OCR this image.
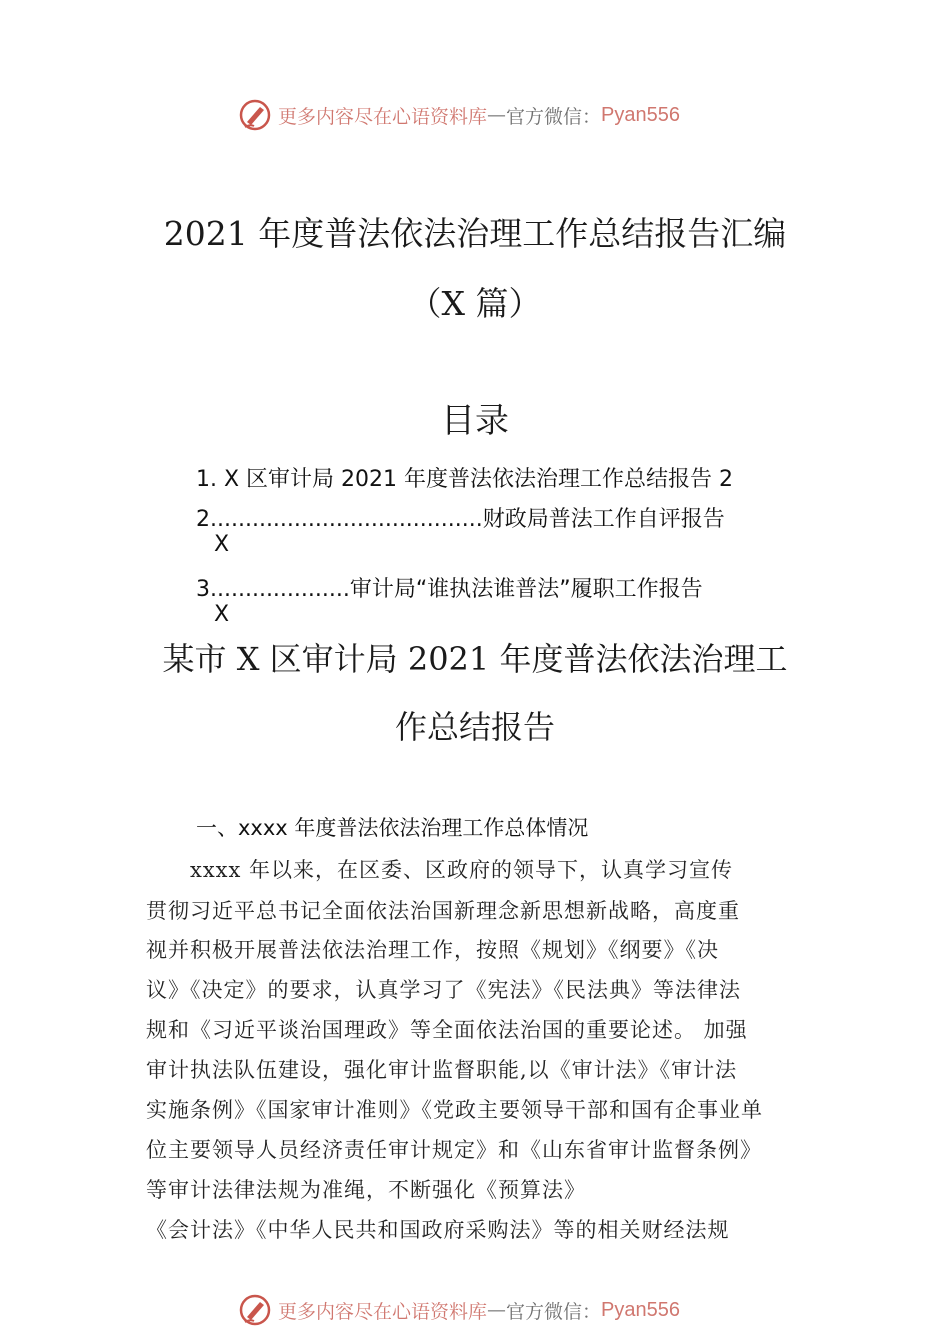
更多内容尽在心语资料库 — 官方微信： Pyan556
2021 年度普法依法治理工作总结报告汇编
（X 篇）
目录
1. X 区审计局 2021 年度普法依法治理工作总结报告 2
2.......................................财政局普法工作自评报告
X
3....................审计局“谁执法谁普法”履职工作报告
X
某市 X 区审计局 2021 年度普法依法治理工
作总结报告
一、xxxx 年度普法依法治理工作总体情况
　　xxxx 年以来，在区委、区政府的领导下，认真学习宣传
贯彻习近平总书记全面依法治国新理念新思想新战略，高度重
视并积极开展普法依法治理工作，按照《规划》《纲要》《决
议》《决定》的要求，认真学习了《宪法》《民法典》等法律法
规和《习近平谈治国理政》等全面依法治国的重要论述。 加强
审计执法队伍建设，强化审计监督职能,以《审计法》《审计法
实施条例》《国家审计准则》《党政主要领导干部和国有企事业单
位主要领导人员经济责任审计规定》和《山东省审计监督条例》
等审计法律法规为准绳，不断强化《预算法》
《会计法》《中华人民共和国政府采购法》等的相关财经法规
更多内容尽在心语资料库 — 官方微信： Pyan556
